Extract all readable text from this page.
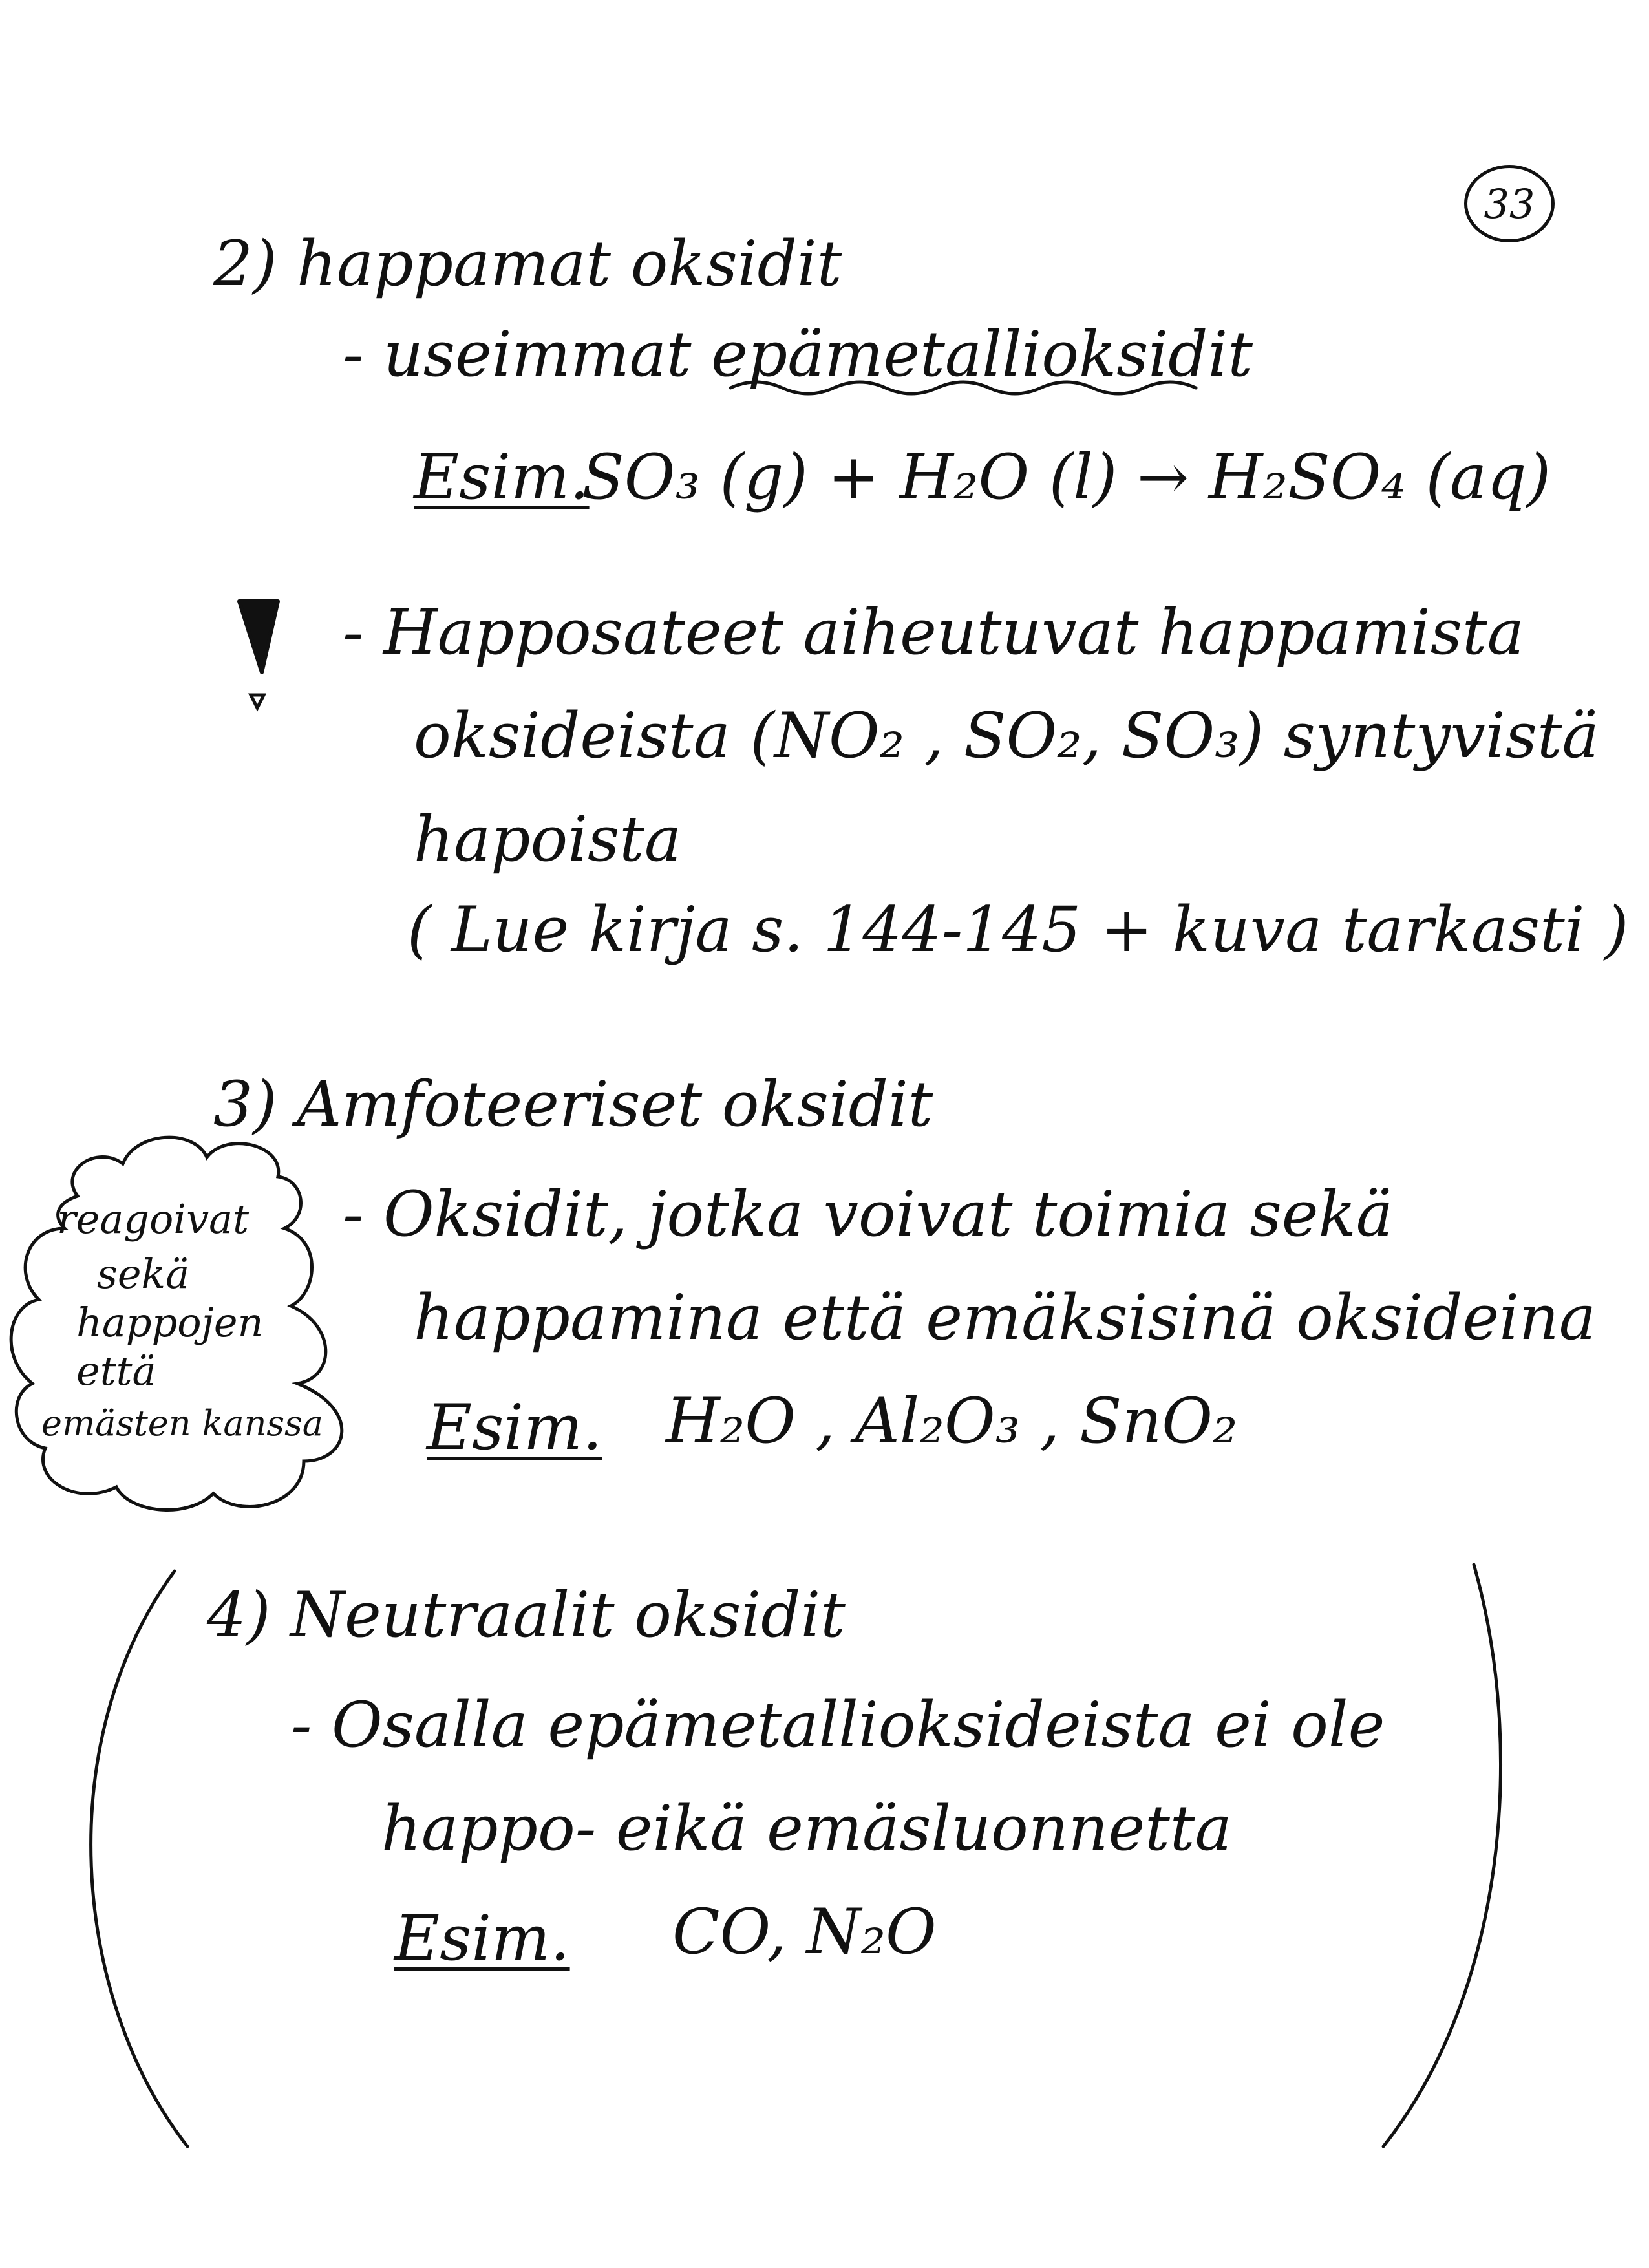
33
2) happamat oksidit
- useimmat epämetallioksidit
Esim.
SO₃ (g) + H₂O (l) → H₂SO₄ (aq)
- Happosateet aiheutuvat happamista
oksideista (NO₂ , SO₂, SO₃) syntyvistä
hapoista
( Lue kirja s. 144-145 + kuva tarkasti )
3) Amfoteeriset oksidit
- Oksidit, jotka voivat toimia sekä
happamina että emäksisinä oksideina
Esim. H₂O , Al₂O₃ , SnO₂
reagoivat
sekä
happojen
että
emästen kanssa
4) Neutraalit oksidit
- Osalla epämetallioksideista ei ole
happo- eikä emäsluonnetta
Esim. CO, N₂O
